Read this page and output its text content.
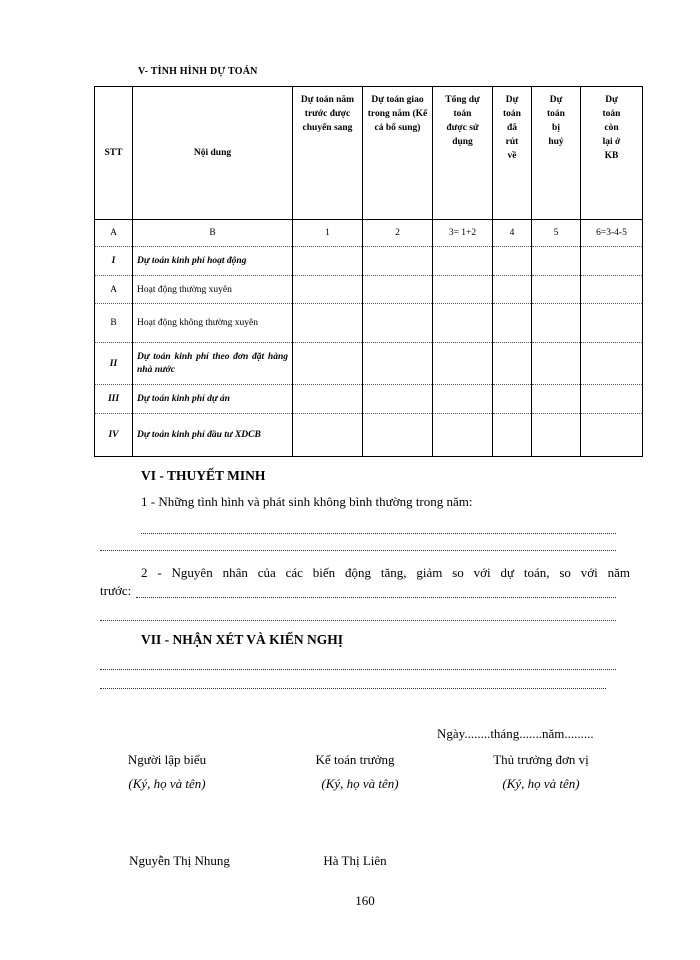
V- TÌNH HÌNH DỰ TOÁN
STT	Nội dung	Dự toán năm trước được chuyển sang	Dự toán giao trong năm (Kể cả bổ sung)	Tổng dự toán được sử dụng	Dự toán đã rút về	Dự toán bị huỷ	Dự toán còn lại ở KB
A	B	1	2	3= 1+2	4	5	6=3-4-5
I	Dự toán kinh phí hoạt động						
A	Hoạt động thường xuyên						
B	Hoạt động không thường xuyên						
II	Dự toán kinh phí theo đơn đặt hàng nhà nước						
III	Dự toán kinh phí dự án						
IV	Dự toán kinh phí đầu tư XDCB						
VI - THUYẾT MINH
1 - Những tình hình và phát sinh không bình thường trong năm:
2 - Nguyên nhân của các biến động tăng, giảm so với dự toán, so với năm
trước:
VII - NHẬN XÉT VÀ KIẾN NGHỊ
Ngày........tháng.......năm.........
Người lập biểu	Kế toán trưởng	Thủ trưởng đơn vị
(Ký, họ và tên)	(Ký, họ và tên)	(Ký, họ và tên)
Nguyễn Thị Nhung	Hà Thị Liên
160
